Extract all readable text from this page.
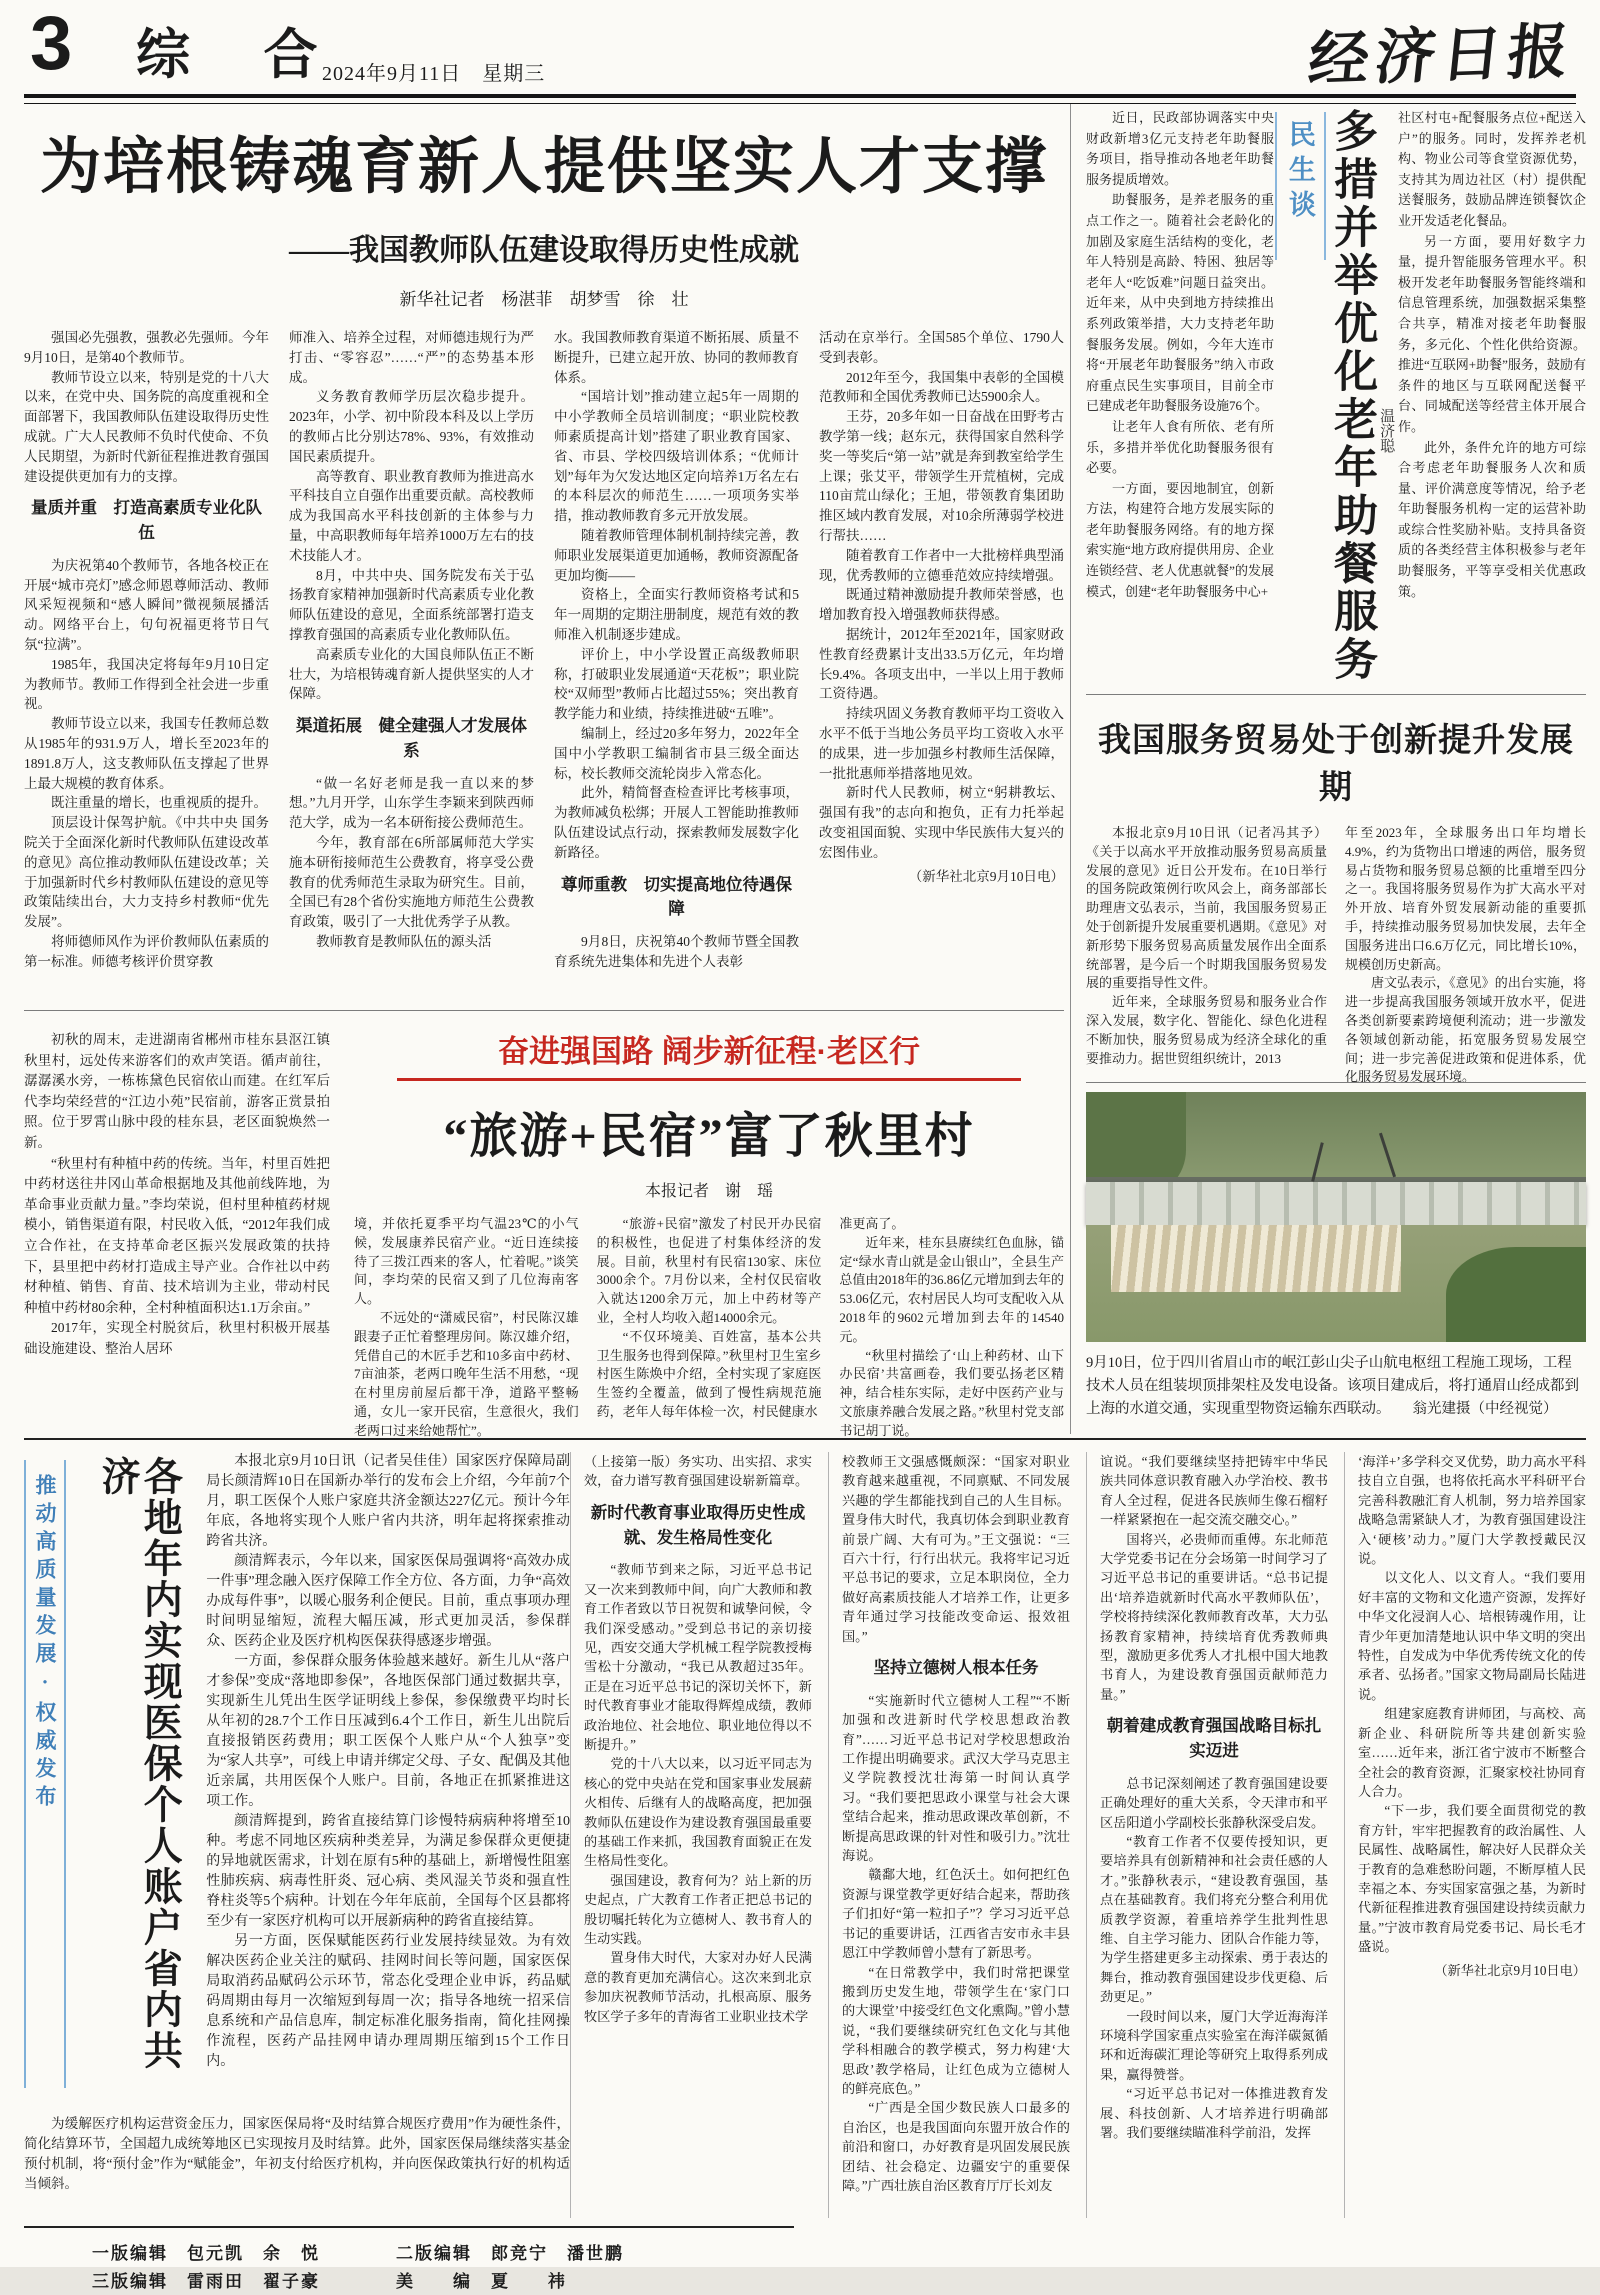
3 综 合
2024年9月11日　星期三	经济日报
为培根铸魂育新人提供坚实人才支撑
——我国教师队伍建设取得历史性成就
新华社记者　杨湛菲　胡梦雪　徐　壮

强国必先强教，强教必先强师。今年9月10日，是第40个教师节。

教师节设立以来，特别是党的十八大以来，在党中央、国务院的高度重视和全面部署下，我国教师队伍建设取得历史性成就。广大人民教师不负时代使命、不负人民期望，为新时代新征程推进教育强国建设提供更加有力的支撑。

量质并重　打造高素质专业化队伍

为庆祝第40个教师节，各地各校正在开展“城市亮灯”感念师恩尊师活动、教师风采短视频和“感人瞬间”微视频展播活动。网络平台上，句句祝福更将节日气氛“拉满”。

1985年，我国决定将每年9月10日定为教师节。教师工作得到全社会进一步重视。

教师节设立以来，我国专任教师总数从1985年的931.9万人，增长至2023年的1891.8万人，这支教师队伍支撑起了世界上最大规模的教育体系。

既注重量的增长，也重视质的提升。

顶层设计保驾护航。《中共中央 国务院关于全面深化新时代教师队伍建设改革的意见》高位推动教师队伍建设改革；关于加强新时代乡村教师队伍建设的意见等政策陆续出台，大力支持乡村教师“优先发展”。

将师德师风作为评价教师队伍素质的第一标准。师德考核评价贯穿教

师准入、培养全过程，对师德违规行为严打击、“零容忍”……“严”的态势基本形成。

义务教育教师学历层次稳步提升。2023年，小学、初中阶段本科及以上学历的教师占比分别达78%、93%，有效推动国民素质提升。

高等教育、职业教育教师为推进高水平科技自立自强作出重要贡献。高校教师成为我国高水平科技创新的主体参与力量，中高职教师每年培养1000万左右的技术技能人才。

8月，中共中央、国务院发布关于弘扬教育家精神加强新时代高素质专业化教师队伍建设的意见，全面系统部署打造支撑教育强国的高素质专业化教师队伍。

高素质专业化的大国良师队伍正不断壮大，为培根铸魂育新人提供坚实的人才保障。

渠道拓展　健全建强人才发展体系

“做一名好老师是我一直以来的梦想。”九月开学，山东学生李颖来到陕西师范大学，成为一名本研衔接公费师范生。

今年，教育部在6所部属师范大学实施本研衔接师范生公费教育，将享受公费教育的优秀师范生录取为研究生。目前，全国已有28个省份实施地方师范生公费教育政策，吸引了一大批优秀学子从教。

教师教育是教师队伍的源头活

水。我国教师教育渠道不断拓展、质量不断提升，已建立起开放、协同的教师教育体系。

“国培计划”推动建立起5年一周期的中小学教师全员培训制度；“职业院校教师素质提高计划”搭建了职业教育国家、省、市县、学校四级培训体系；“优师计划”每年为欠发达地区定向培养1万名左右的本科层次的师范生……一项项务实举措，推动教师教育多元开放发展。

随着教师管理体制机制持续完善，教师职业发展渠道更加通畅，教师资源配备更加均衡——

资格上，全面实行教师资格考试和5年一周期的定期注册制度，规范有效的教师准入机制逐步建成。

评价上，中小学设置正高级教师职称，打破职业发展通道“天花板”；职业院校“双师型”教师占比超过55%；突出教育教学能力和业绩，持续推进破“五唯”。

编制上，经过20多年努力，2022年全国中小学教职工编制省市县三级全面达标，校长教师交流轮岗步入常态化。

此外，精简督查检查评比考核事项，为教师减负松绑；开展人工智能助推教师队伍建设试点行动，探索教师发展数字化新路径。

尊师重教　切实提高地位待遇保障

9月8日，庆祝第40个教师节暨全国教育系统先进集体和先进个人表彰

活动在京举行。全国585个单位、1790人受到表彰。

2012年至今，我国集中表彰的全国模范教师和全国优秀教师已达5900余人。

王芬，20多年如一日奋战在田野考古教学第一线；赵东元，获得国家自然科学奖一等奖后“第一站”就是奔到教室给学生上课；张艾平，带领学生开荒植树，完成110亩荒山绿化；王旭，带领教育集团助推区域内教育发展，对10余所薄弱学校进行帮扶……

随着教育工作者中一大批榜样典型涌现，优秀教师的立德垂范效应持续增强。

既通过精神激励提升教师荣誉感，也增加教育投入增强教师获得感。

据统计，2012年至2021年，国家财政性教育经费累计支出33.5万亿元，年均增长9.4%。各项支出中，一半以上用于教师工资待遇。

持续巩固义务教育教师平均工资收入水平不低于当地公务员平均工资收入水平的成果，进一步加强乡村教师生活保障，一批批惠师举措落地见效。

新时代人民教师，树立“躬耕教坛、强国有我”的志向和抱负，正有力托举起改变祖国面貌、实现中华民族伟大复兴的宏图伟业。

（新华社北京9月10日电）

近日，民政部协调落实中央财政新增3亿元支持老年助餐服务项目，指导推动各地老年助餐服务提质增效。

助餐服务，是养老服务的重点工作之一。随着社会老龄化的加剧及家庭生活结构的变化，老年人特别是高龄、特困、独居等老年人“吃饭难”问题日益突出。近年来，从中央到地方持续推出系列政策举措，大力支持老年助餐服务发展。例如，今年大连市将“开展老年助餐服务”纳入市政府重点民生实事项目，目前全市已建成老年助餐服务设施76个。

让老年人食有所依、老有所乐，多措并举优化助餐服务很有必要。

一方面，要因地制宜，创新方法，构建符合地方发展实际的老年助餐服务网络。有的地方探索实施“地方政府提供用房、企业连锁经营、老人优惠就餐”的发展模式，创建“老年助餐服务中心+

民生谈 多措并举优化老年助餐服务 温济聪

社区村屯+配餐服务点位+配送入户”的服务。同时，发挥养老机构、物业公司等食堂资源优势，支持其为周边社区（村）提供配送餐服务，鼓励品牌连锁餐饮企业开发适老化餐品。

另一方面，要用好数字力量，提升智能服务管理水平。积极开发老年助餐服务智能终端和信息管理系统，加强数据采集整合共享，精准对接老年助餐服务，多元化、个性化供给资源。推进“互联网+助餐”服务，鼓励有条件的地区与互联网配送餐平台、同城配送等经营主体开展合作。

此外，条件允许的地方可综合考虑老年助餐服务人次和质量、评价满意度等情况，给予老年助餐服务机构一定的运营补助或综合性奖励补贴。支持具备资质的各类经营主体积极参与老年助餐服务，平等享受相关优惠政策。

我国服务贸易处于创新提升发展期

本报北京9月10日讯（记者冯其予）《关于以高水平开放推动服务贸易高质量发展的意见》近日公开发布。在10日举行的国务院政策例行吹风会上，商务部部长助理唐文弘表示，当前，我国服务贸易正处于创新提升发展重要机遇期。《意见》对新形势下服务贸易高质量发展作出全面系统部署，是今后一个时期我国服务贸易发展的重要指导性文件。

近年来，全球服务贸易和服务业合作深入发展，数字化、智能化、绿色化进程不断加快，服务贸易成为经济全球化的重要推动力。据世贸组织统计，2013

年至2023年，全球服务出口年均增长4.9%，约为货物出口增速的两倍，服务贸易占货物和服务贸易总额的比重增至四分之一。我国将服务贸易作为扩大高水平对外开放、培育外贸发展新动能的重要抓手，持续推动服务贸易加快发展，去年全国服务进出口6.6万亿元，同比增长10%，规模创历史新高。

唐文弘表示，《意见》的出台实施，将进一步提高我国服务领域开放水平，促进各类创新要素跨境便利流动；进一步激发各领域创新动能，拓宽服务贸易发展空间；进一步完善促进政策和促进体系，优化服务贸易发展环境。

9月10日，位于四川省眉山市的岷江彭山尖子山航电枢纽工程施工现场，工程技术人员在组装坝顶排架柱及发电设备。该项目建成后，将打通眉山经成都到上海的水道交通，实现重型物资运输东西联动。 翁光建摄（中经视觉）

初秋的周末，走进湖南省郴州市桂东县沤江镇秋里村，远处传来游客们的欢声笑语。循声前往，潺潺溪水旁，一栋栋黛色民宿依山而建。在红军后代李均荣经营的“江边小苑”民宿前，游客正赏景拍照。位于罗霄山脉中段的桂东县，老区面貌焕然一新。

“秋里村有种植中药的传统。当年，村里百姓把中药材送往井冈山革命根据地及其他前线阵地，为革命事业贡献力量。”李均荣说，但村里种植药材规模小，销售渠道有限，村民收入低，“2012年我们成立合作社，在支持革命老区振兴发展政策的扶持下，县里把中药材打造成主导产业。合作社以中药材种植、销售、育苗、技术培训为主业，带动村民种植中药材80余种，全村种植面积达1.1万余亩。”

2017年，实现全村脱贫后，秋里村积极开展基础设施建设、整治人居环

奋进强国路 阔步新征程·老区行
“旅游+民宿”富了秋里村
本报记者　谢　瑶

境，并依托夏季平均气温23℃的小气候，发展康养民宿产业。“近日连续接待了三拨江西来的客人，忙着呢。”谈笑间，李均荣的民宿又到了几位海南客人。

不远处的“潇威民宿”，村民陈汉雄跟妻子正忙着整理房间。陈汉雄介绍，凭借自己的木匠手艺和10多亩中药材、7亩油茶，老两口晚年生活不用愁，“现在村里房前屋后都干净，道路平整畅通，女儿一家开民宿，生意很火，我们老两口过来给她帮忙”。

“旅游+民宿”激发了村民开办民宿的积极性，也促进了村集体经济的发展。目前，秋里村有民宿130家、床位3000余个。7月份以来，全村仅民宿收入就达1200余万元，加上中药材等产业，全村人均收入超14000余元。

“不仅环境美、百姓富，基本公共卫生服务也得到保障。”秋里村卫生室乡村医生陈焕中介绍，全村实现了家庭医生签约全覆盖，做到了慢性病规范施药，老年人每年体检一次，村民健康水

准更高了。

近年来，桂东县赓续红色血脉，锚定“绿水青山就是金山银山”，全县生产总值由2018年的36.86亿元增加到去年的53.06亿元，农村居民人均可支配收入从2018年的9602元增加到去年的14540元。

“秋里村描绘了‘山上种药材、山下办民宿’共富画卷，我们要弘扬老区精神，结合桂东实际，走好中医药产业与文旅康养融合发展之路。”秋里村党支部书记胡丁说。

推动高质量发展·权威发布	各地年内实现医保个人账户省内共济	本报北京9月10日讯（记者吴佳佳）国家医疗保障局副局长颜清辉10日在国新办举行的发布会上介绍，今年前7个月，职工医保个人账户家庭共济金额达227亿元。预计今年年底，各地将实现个人账户省内共济，明年起将探索推动跨省共济。

颜清辉表示，今年以来，国家医保局强调将“高效办成一件事”理念融入医疗保障工作全方位、各方面，力争“高效办成每件事”，以暖心服务利企便民。目前，重点事项办理时间明显缩短，流程大幅压减，形式更加灵活，参保群众、医药企业及医疗机构医保获得感逐步增强。

一方面，参保群众服务体验越来越好。新生儿从“落户才参保”变成“落地即参保”，各地医保部门通过数据共享，实现新生儿凭出生医学证明线上参保，参保缴费平均时长从年初的28.7个工作日压减到6.4个工作日，新生儿出院后直接报销医药费用；职工医保个人账户从“个人独享”变为“家人共享”，可线上申请并绑定父母、子女、配偶及其他近亲属，共用医保个人账户。目前，各地正在抓紧推进这项工作。

颜清辉提到，跨省直接结算门诊慢特病病种将增至10种。考虑不同地区疾病种类差异，为满足参保群众更便捷的异地就医需求，计划在原有5种的基础上，新增慢性阻塞性肺疾病、病毒性肝炎、冠心病、类风湿关节炎和强直性脊柱炎等5个病种。计划在今年年底前，全国每个区县都将至少有一家医疗机构可以开展新病种的跨省直接结算。

另一方面，医保赋能医药行业发展持续显效。为有效解决医药企业关注的赋码、挂网时间长等问题，国家医保局取消药品赋码公示环节，常态化受理企业申诉，药品赋码周期由每月一次缩短到每周一次；指导各地统一招采信息系统和产品信息库，制定标准化服务指南，简化挂网操作流程，医药产品挂网申请办理周期压缩到15个工作日内。

为缓解医疗机构运营资金压力，国家医保局将“及时结算合规医疗费用”作为硬性条件，简化结算环节，全国超九成统筹地区已实现按月及时结算。此外，国家医保局继续落实基金预付机制，将“预付金”作为“赋能金”，年初支付给医疗机构，并向医保政策执行好的机构适当倾斜。

（上接第一版）务实功、出实招、求实效，奋力谱写教育强国建设崭新篇章。

新时代教育事业取得历史性成就、发生格局性变化

“教师节到来之际，习近平总书记又一次来到教师中间，向广大教师和教育工作者致以节日祝贺和诚挚问候，令我们深受感动。”受到总书记的亲切接见，西安交通大学机械工程学院教授梅雪松十分激动，“我已从教超过35年。正是在习近平总书记的深切关怀下，新时代教育事业才能取得辉煌成绩，教师政治地位、社会地位、职业地位得以不断提升。”

党的十八大以来，以习近平同志为核心的党中央站在党和国家事业发展薪火相传、后继有人的战略高度，把加强教师队伍建设作为建设教育强国最重要的基础工作来抓，我国教育面貌正在发生格局性变化。

强国建设，教育何为？站上新的历史起点，广大教育工作者正把总书记的殷切嘱托转化为立德树人、教书育人的生动实践。

置身伟大时代，大家对办好人民满意的教育更加充满信心。这次来到北京参加庆祝教师节活动，扎根高原、服务牧区学子多年的青海省工业职业技术学

校教师王文强感慨颇深：“国家对职业教育越来越重视，不同禀赋、不同发展兴趣的学生都能找到自己的人生目标。置身伟大时代，我真切体会到职业教育前景广阔、大有可为。”王文强说：“三百六十行，行行出状元。我将牢记习近平总书记的要求，立足本职岗位，全力做好高素质技能人才培养工作，让更多青年通过学习技能改变命运、报效祖国。”

坚持立德树人根本任务

“实施新时代立德树人工程”“不断加强和改进新时代学校思想政治教育”……习近平总书记对学校思想政治工作提出明确要求。武汉大学马克思主义学院教授沈壮海第一时间认真学习。“我们要把思政小课堂与社会大课堂结合起来，推动思政课改革创新，不断提高思政课的针对性和吸引力。”沈壮海说。

赣鄱大地，红色沃土。如何把红色资源与课堂教学更好结合起来，帮助孩子们扣好“第一粒扣子”？学习习近平总书记的重要讲话，江西省吉安市永丰县恩江中学教师曾小慧有了新思考。

“在日常教学中，我们时常把课堂搬到历史发生地，带领学生在‘家门口的大课堂’中接受红色文化熏陶。”曾小慧说，“我们要继续研究红色文化与其他学科相融合的教学模式，努力构建‘大思政’教学格局，让红色成为立德树人的鲜亮底色。”

“广西是全国少数民族人口最多的自治区，也是我国面向东盟开放合作的前沿和窗口，办好教育是巩固发展民族团结、社会稳定、边疆安宁的重要保障。”广西壮族自治区教育厅厅长刘友

谊说。“我们要继续坚持把铸牢中华民族共同体意识教育融入办学治校、教书育人全过程，促进各民族师生像石榴籽一样紧紧抱在一起交流交融交心。”

国将兴，必贵师而重傅。东北师范大学党委书记在分会场第一时间学习了习近平总书记的重要讲话。“总书记提出‘培养造就新时代高水平教师队伍’，学校将持续深化教师教育改革，大力弘扬教育家精神，持续培育优秀教师典型，激励更多优秀人才扎根中国大地教书育人，为建设教育强国贡献师范力量。”

朝着建成教育强国战略目标扎实迈进

总书记深刻阐述了教育强国建设要正确处理好的重大关系，令天津市和平区岳阳道小学副校长张静秋深受启发。

“教育工作者不仅要传授知识，更要培养具有创新精神和社会责任感的人才。”张静秋表示，“建设教育强国，基点在基础教育。我们将充分整合利用优质教学资源，着重培养学生批判性思维、自主学习能力、团队合作能力等，为学生搭建更多主动探索、勇于表达的舞台，推动教育强国建设步伐更稳、后劲更足。”

一段时间以来，厦门大学近海海洋环境科学国家重点实验室在海洋碳氮循环和近海碳汇理论等研究上取得系列成果，赢得赞誉。

“习近平总书记对一体推进教育发展、科技创新、人才培养进行明确部署。我们要继续瞄准科学前沿，发挥

‘海洋+’多学科交叉优势，助力高水平科技自立自强，也将依托高水平科研平台完善科教融汇育人机制，努力培养国家战略急需紧缺人才，为教育强国建设注入‘硬核’动力。”厦门大学教授戴民汉说。

以文化人、以文育人。“我们要用好丰富的文物和文化遗产资源，发挥好中华文化浸润人心、培根铸魂作用，让青少年更加清楚地认识中华文明的突出特性，自发成为中华优秀传统文化的传承者、弘扬者。”国家文物局副局长陆进说。

组建家庭教育讲师团，与高校、高新企业、科研院所等共建创新实验室……近年来，浙江省宁波市不断整合全社会的教育资源，汇聚家校社协同育人合力。

“下一步，我们要全面贯彻党的教育方针，牢牢把握教育的政治属性、人民属性、战略属性，解决好人民群众关于教育的急难愁盼问题，不断厚植人民幸福之本、夯实国家富强之基，为新时代新征程推进教育强国建设持续贡献力量。”宁波市教育局党委书记、局长毛才盛说。

（新华社北京9月10日电）

一版编辑　包元凯　余　悦　　　　二版编辑　郎竞宁　潘世鹏

三版编辑　雷雨田　翟子豪　　　　美　　编　夏　　祎
